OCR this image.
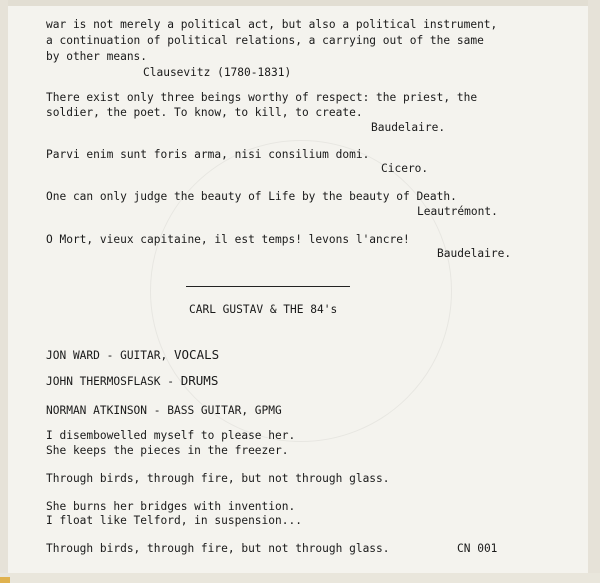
war is not merely a political act, but also a political instrument,
a continuation of political relations, a carrying out of the same
by other means.
Clausevitz (1780-1831)
There exist only three beings worthy of respect: the priest, the
soldier, the poet. To know, to kill, to create.
Baudelaire.
Parvi enim sunt foris arma, nisi consilium domi.
Cicero.
One can only judge the beauty of Life by the beauty of Death.
Leautrémont.
O Mort, vieux capitaine, il est temps! levons l'ancre!
Baudelaire.
CARL GUSTAV & THE 84's
JON WARD - GUITAR, VOCALS
JOHN THERMOSFLASK - DRUMS
NORMAN ATKINSON - BASS GUITAR, GPMG
I disembowelled myself to please her.
She keeps the pieces in the freezer.
Through birds, through fire, but not through glass.
She burns her bridges with invention.
I float like Telford, in suspension...
Through birds, through fire, but not through glass.	CN 001
